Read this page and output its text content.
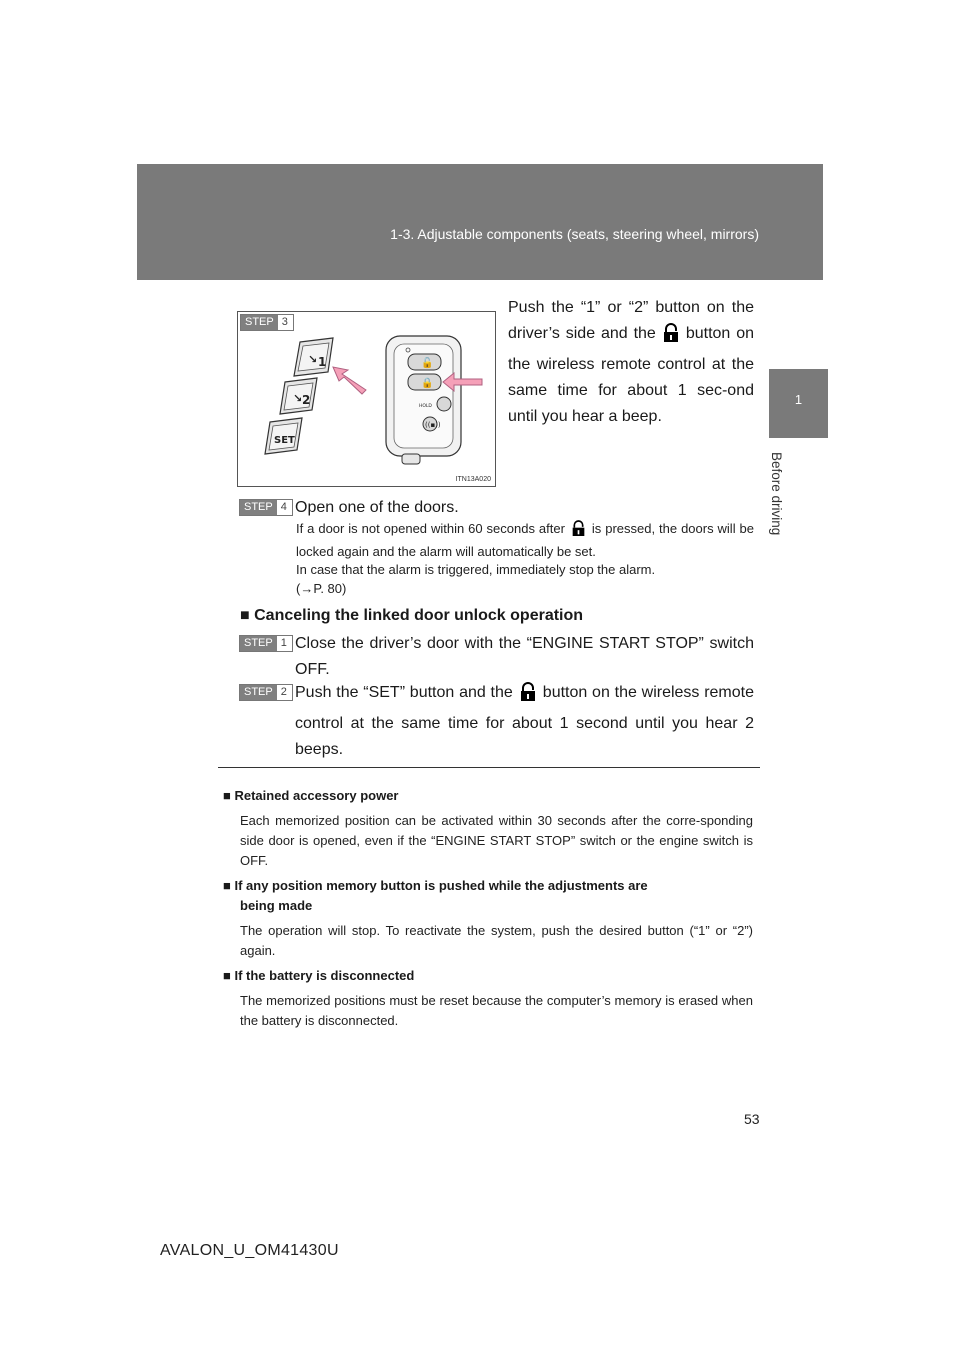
1-3. Adjustable components (seats, steering wheel, mirrors)
1
Before driving
STEP 3
↘ 1
↘ 2
SET
🔓
🔒
HOLD
((▪))
ITN13A020
Push the “1” or “2” button on the driver’s side and the button on the wireless remote control at the same time for about 1 sec-ond until you hear a beep.
STEP 4 Open one of the doors.
If a door is not opened within 60 seconds after is pressed, the doors will be locked again and the alarm will automatically be set.
In case that the alarm is triggered, immediately stop the alarm.
(→P. 80)
■ Canceling the linked door unlock operation
STEP 1 Close the driver’s door with the “ENGINE START STOP” switch OFF.
STEP 2 Push the “SET” button and the button on the wireless remote control at the same time for about 1 second until you hear 2 beeps.
■ Retained accessory power
Each memorized position can be activated within 30 seconds after the corre-sponding side door is opened, even if the “ENGINE START STOP” switch or the engine switch is OFF.
■ If any position memory button is pushed while the adjustments are
being made
The operation will stop. To reactivate the system, push the desired button (“1” or “2”) again.
■ If the battery is disconnected
The memorized positions must be reset because the computer’s memory is erased when the battery is disconnected.
53
AVALON_U_OM41430U
